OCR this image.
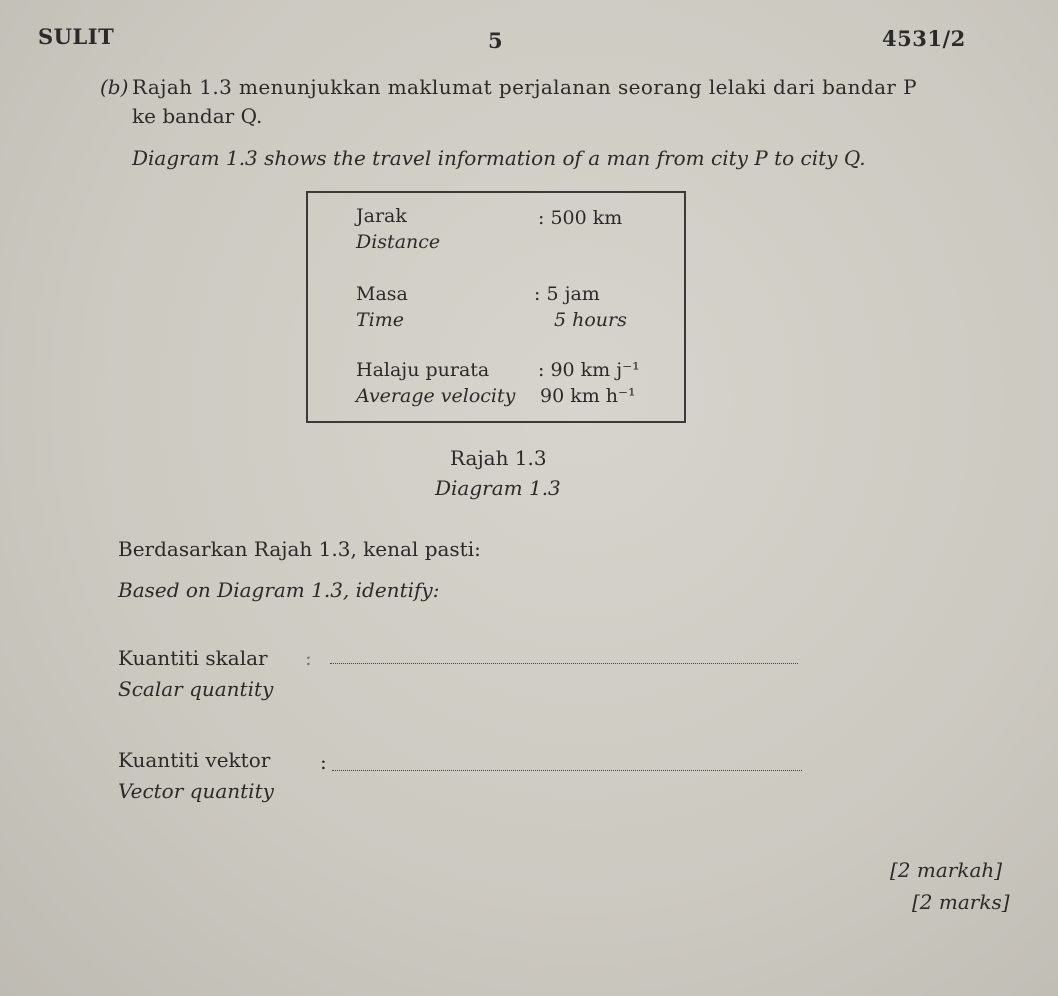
SULIT	5	4531/2
(b) Rajah 1.3 menunjukkan maklumat perjalanan seorang lelaki dari bandar P
ke bandar Q.
Diagram 1.3 shows the travel information of a man from city P to city Q.
Jarak
Distance
: 500 km
Masa
Time
: 5 jam
5 hours
Halaju purata
Average velocity
: 90 km j⁻¹
90 km h⁻¹
Rajah 1.3
Diagram 1.3
Berdasarkan Rajah 1.3, kenal pasti:
Based on Diagram 1.3, identify:
Kuantiti skalar
Scalar quantity
:
Kuantiti vektor
Vector quantity
:
[2 markah]
[2 marks]
